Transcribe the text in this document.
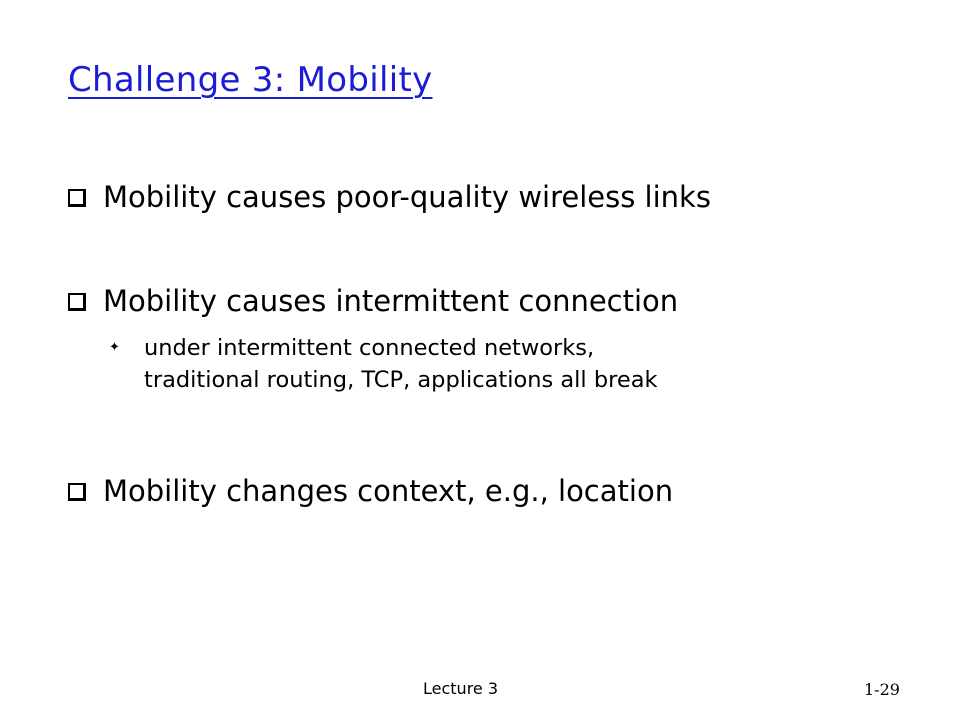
Challenge 3: Mobility
Mobility causes poor-quality wireless links
Mobility causes intermittent connection
✦ under intermittent connected networks,
traditional routing, TCP, applications all break
Mobility changes context, e.g., location
Lecture 3	1-29
